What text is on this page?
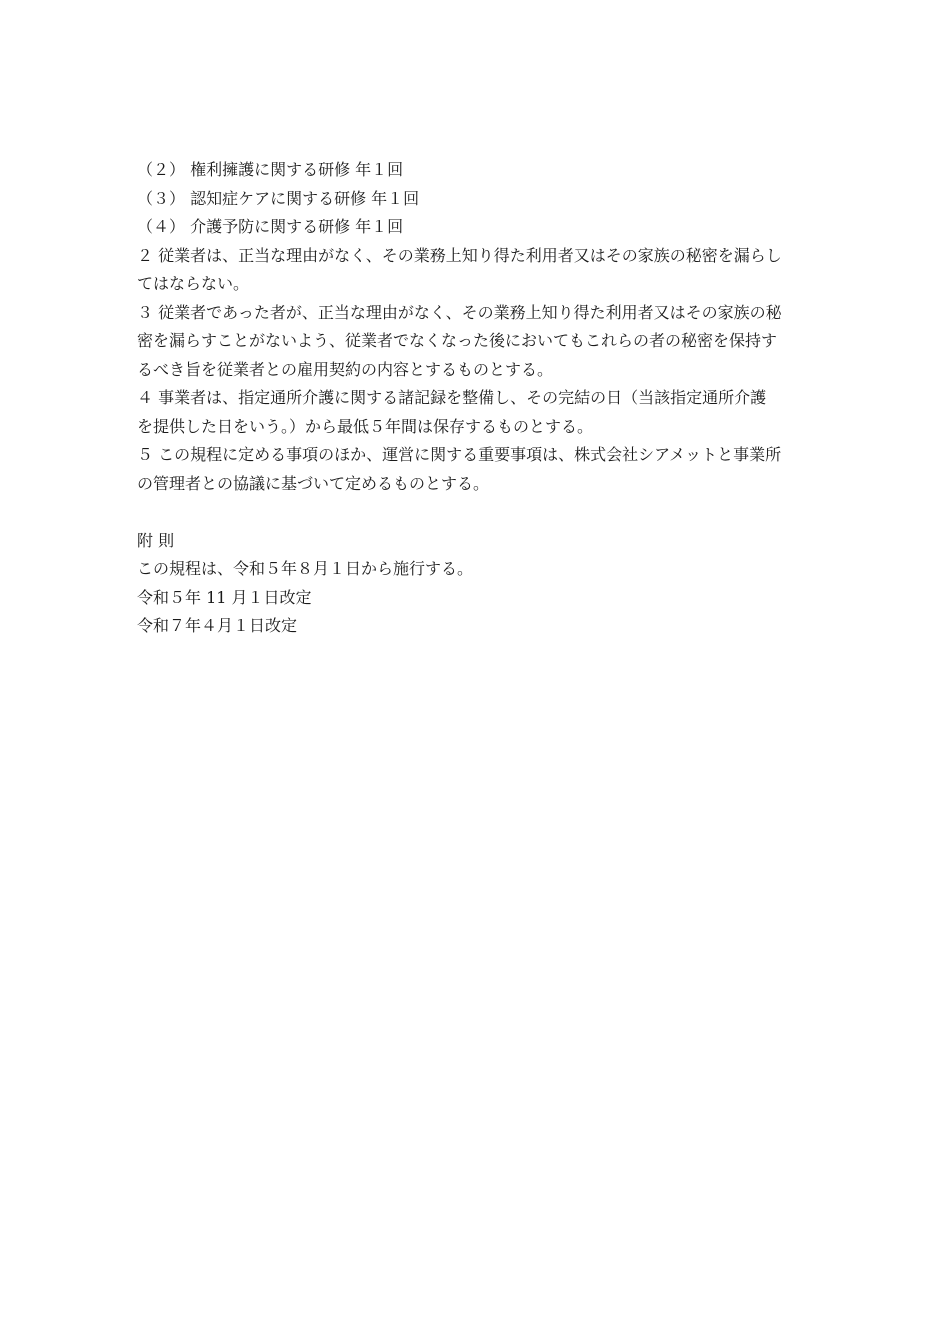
（２） 権利擁護に関する研修 年１回
（３） 認知症ケアに関する研修 年１回
（４） 介護予防に関する研修 年１回
２ 従業者は、正当な理由がなく、その業務上知り得た利用者又はその家族の秘密を漏らし
てはならない。
３ 従業者であった者が、正当な理由がなく、その業務上知り得た利用者又はその家族の秘
密を漏らすことがないよう、従業者でなくなった後においてもこれらの者の秘密を保持す
るべき旨を従業者との雇用契約の内容とするものとする。
４ 事業者は、指定通所介護に関する諸記録を整備し、その完結の日（当該指定通所介護
を提供した日をいう。）から最低５年間は保存するものとする。
５ この規程に定める事項のほか、運営に関する重要事項は、株式会社シアメットと事業所
の管理者との協議に基づいて定めるものとする。
附 則
この規程は、令和５年８月１日から施行する。
令和５年 11 月１日改定
令和７年４月１日改定
